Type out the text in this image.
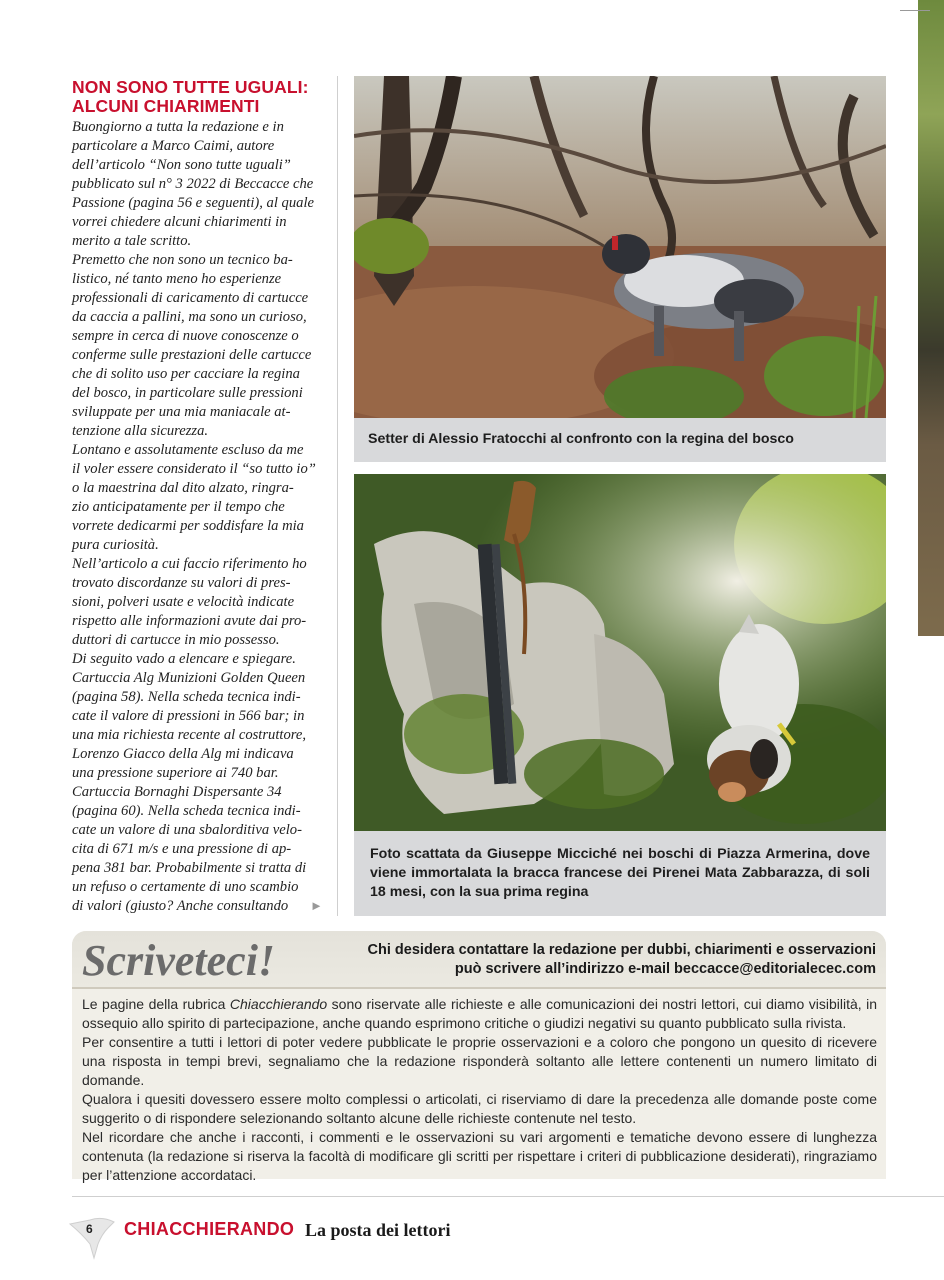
NON SONO TUTTE UGUALI:
ALCUNI CHIARIMENTI

Buongiorno a tutta la redazione e in

particolare a Marco Caimi, autore

dell’articolo “Non sono tutte uguali”

pubblicato sul n° 3 2022 di Beccacce che

Passione (pagina 56 e seguenti), al quale

vorrei chiedere alcuni chiarimenti in

merito a tale scritto.

Premetto che non sono un tecnico ba-

listico, né tanto meno ho esperienze

professionali di caricamento di cartucce

da caccia a pallini, ma sono un curioso,

sempre in cerca di nuove conoscenze o

conferme sulle prestazioni delle cartucce

che di solito uso per cacciare la regina

del bosco, in particolare sulle pressioni

sviluppate per una mia maniacale at-

tenzione alla sicurezza.

Lontano e assolutamente escluso da me

il voler essere considerato il “so tutto io”

o la maestrina dal dito alzato, ringra-

zio anticipatamente per il tempo che

vorrete dedicarmi per soddisfare la mia

pura curiosità.

Nell’articolo a cui faccio riferimento ho

trovato discordanze su valori di pres-

sioni, polveri usate e velocità indicate

rispetto alle informazioni avute dai pro-

duttori di cartucce in mio possesso.

Di seguito vado a elencare e spiegare.

Cartuccia Alg Munizioni Golden Queen

(pagina 58). Nella scheda tecnica indi-

cate il valore di pressioni in 566 bar; in

una mia richiesta recente al costruttore,

Lorenzo Giacco della Alg mi indicava

una pressione superiore ai 740 bar.

Cartuccia Bornaghi Dispersante 34

(pagina 60). Nella scheda tecnica indi-

cate un valore di una sbalorditiva velo-

cita di 671 m/s e una pressione di ap-

pena 381 bar. Probabilmente si tratta di

un refuso o certamente di uno scambio

di valori (giusto? Anche consultando	►
Setter di Alessio Fratocchi al confronto con la regina del bosco
Foto scattata da Giuseppe Micciché nei boschi di Piazza Armerina, dove viene immortalata la bracca francese dei Pirenei Mata Zabbarazza, di soli 18 mesi, con la sua prima regina
Scriveteci!	Chi desidera contattare la redazione per dubbi, chiarimenti e osservazioni
può scrivere all’indirizzo e-mail beccacce@editorialecec.com

Le pagine della rubrica Chiacchierando sono riservate alle richieste e alle comunicazioni dei nostri lettori, cui diamo visibilità, in ossequio allo spirito di partecipazione, anche quando esprimono critiche o giudizi negativi su quanto pubblicato sulla rivista.

Per consentire a tutti i lettori di poter vedere pubblicate le proprie osservazioni e a coloro che pongono un quesito di ricevere una risposta in tempi brevi, segnaliamo che la redazione risponderà soltanto alle lettere contenenti un numero limitato di domande.

Qualora i quesiti dovessero essere molto complessi o articolati, ci riserviamo di dare la precedenza alle domande poste come suggerito o di rispondere selezionando soltanto alcune delle richieste contenute nel testo.

Nel ricordare che anche i racconti, i commenti e le osservazioni su vari argomenti e tematiche devono essere di lunghezza contenuta (la redazione si riserva la facoltà di modificare gli scritti per rispettare i criteri di pubblicazione desiderati), ringraziamo per l’attenzione accordataci.

6 CHIACCHIERANDO La posta dei lettori
